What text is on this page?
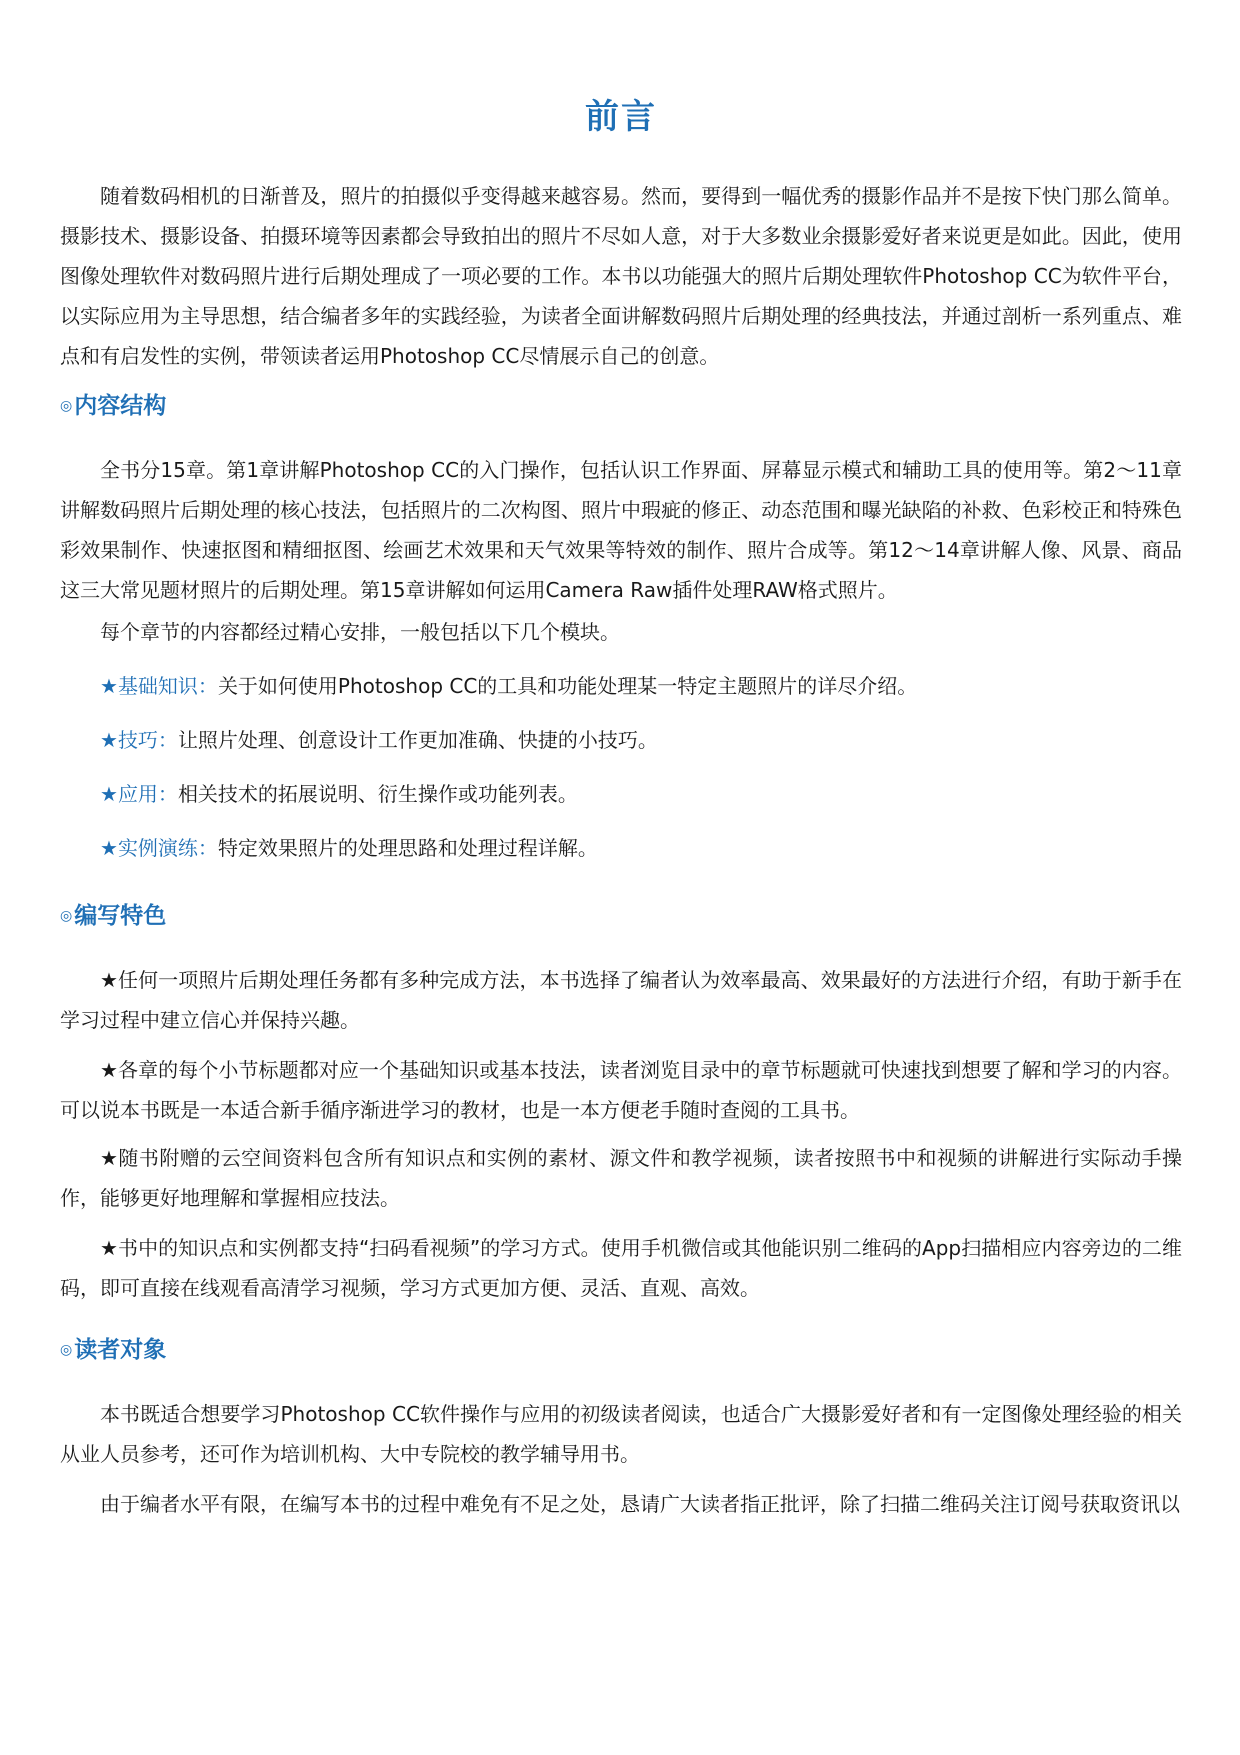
前言

随着数码相机的日渐普及，照片的拍摄似乎变得越来越容易。然而，要得到一幅优秀的摄影作品并不是按下快门那么简单。摄影技术、摄影设备、拍摄环境等因素都会导致拍出的照片不尽如人意，对于大多数业余摄影爱好者来说更是如此。因此，使用图像处理软件对数码照片进行后期处理成了一项必要的工作。本书以功能强大的照片后期处理软件Photoshop CC为软件平台，以实际应用为主导思想，结合编者多年的实践经验，为读者全面讲解数码照片后期处理的经典技法，并通过剖析一系列重点、难点和有启发性的实例，带领读者运用Photoshop CC尽情展示自己的创意。

◎内容结构

全书分15章。第1章讲解Photoshop CC的入门操作，包括认识工作界面、屏幕显示模式和辅助工具的使用等。第2～11章讲解数码照片后期处理的核心技法，包括照片的二次构图、照片中瑕疵的修正、动态范围和曝光缺陷的补救、色彩校正和特殊色彩效果制作、快速抠图和精细抠图、绘画艺术效果和天气效果等特效的制作、照片合成等。第12～14章讲解人像、风景、商品这三大常见题材照片的后期处理。第15章讲解如何运用Camera Raw插件处理RAW格式照片。

每个章节的内容都经过精心安排，一般包括以下几个模块。

★基础知识：关于如何使用Photoshop CC的工具和功能处理某一特定主题照片的详尽介绍。

★技巧：让照片处理、创意设计工作更加准确、快捷的小技巧。

★应用：相关技术的拓展说明、衍生操作或功能列表。

★实例演练：特定效果照片的处理思路和处理过程详解。

◎编写特色

★任何一项照片后期处理任务都有多种完成方法，本书选择了编者认为效率最高、效果最好的方法进行介绍，有助于新手在学习过程中建立信心并保持兴趣。

★各章的每个小节标题都对应一个基础知识或基本技法，读者浏览目录中的章节标题就可快速找到想要了解和学习的内容。可以说本书既是一本适合新手循序渐进学习的教材，也是一本方便老手随时查阅的工具书。

★随书附赠的云空间资料包含所有知识点和实例的素材、源文件和教学视频，读者按照书中和视频的讲解进行实际动手操作，能够更好地理解和掌握相应技法。

★书中的知识点和实例都支持“扫码看视频”的学习方式。使用手机微信或其他能识别二维码的App扫描相应内容旁边的二维码，即可直接在线观看高清学习视频，学习方式更加方便、灵活、直观、高效。

◎读者对象

本书既适合想要学习Photoshop CC软件操作与应用的初级读者阅读，也适合广大摄影爱好者和有一定图像处理经验的相关从业人员参考，还可作为培训机构、大中专院校的教学辅导用书。

由于编者水平有限，在编写本书的过程中难免有不足之处，恳请广大读者指正批评，除了扫描二维码关注订阅号获取资讯以
